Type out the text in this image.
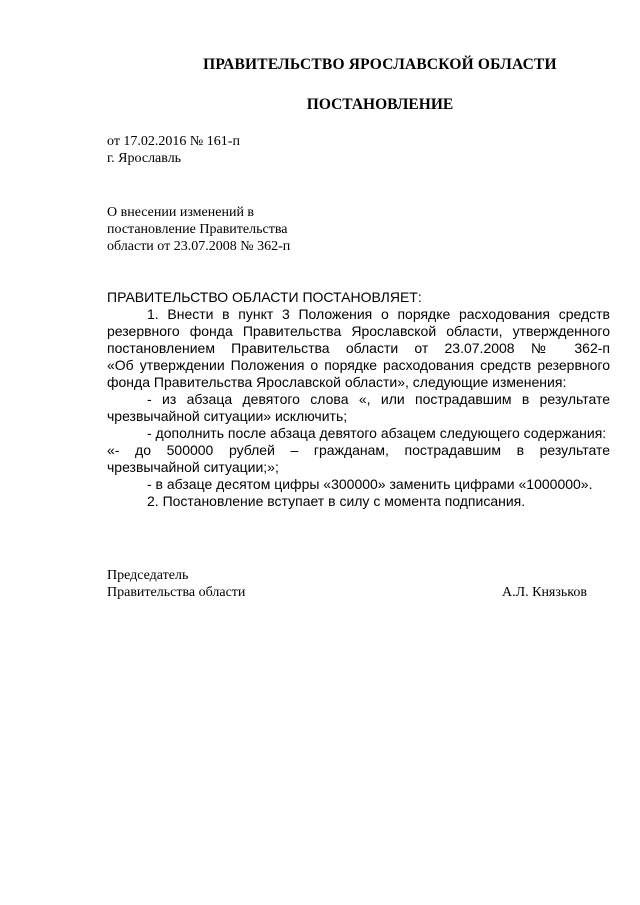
ПРАВИТЕЛЬСТВО ЯРОСЛАВСКОЙ ОБЛАСТИ
ПОСТАНОВЛЕНИЕ
от 17.02.2016 № 161-п
г. Ярославль
О внесении изменений в
постановление Правительства
области от 23.07.2008 № 362-п
ПРАВИТЕЛЬСТВО ОБЛАСТИ ПОСТАНОВЛЯЕТ:
1. Внести в пункт 3 Положения о порядке расходования средств
резервного фонда Правительства Ярославской области, утвержденного
постановлением Правительства области от 23.07.2008 № 362-п
«Об утверждении Положения о порядке расходования средств резервного
фонда Правительства Ярославской области», следующие изменения:
- из абзаца девятого слова «, или пострадавшим в результате
чрезвычайной ситуации» исключить;
- дополнить после абзаца девятого абзацем следующего содержания:
«- до 500000 рублей – гражданам, пострадавшим в результате
чрезвычайной ситуации;»;
- в абзаце десятом цифры «300000» заменить цифрами «1000000».
2. Постановление вступает в силу с момента подписания.
Председатель
Правительства области	А.Л. Князьков
